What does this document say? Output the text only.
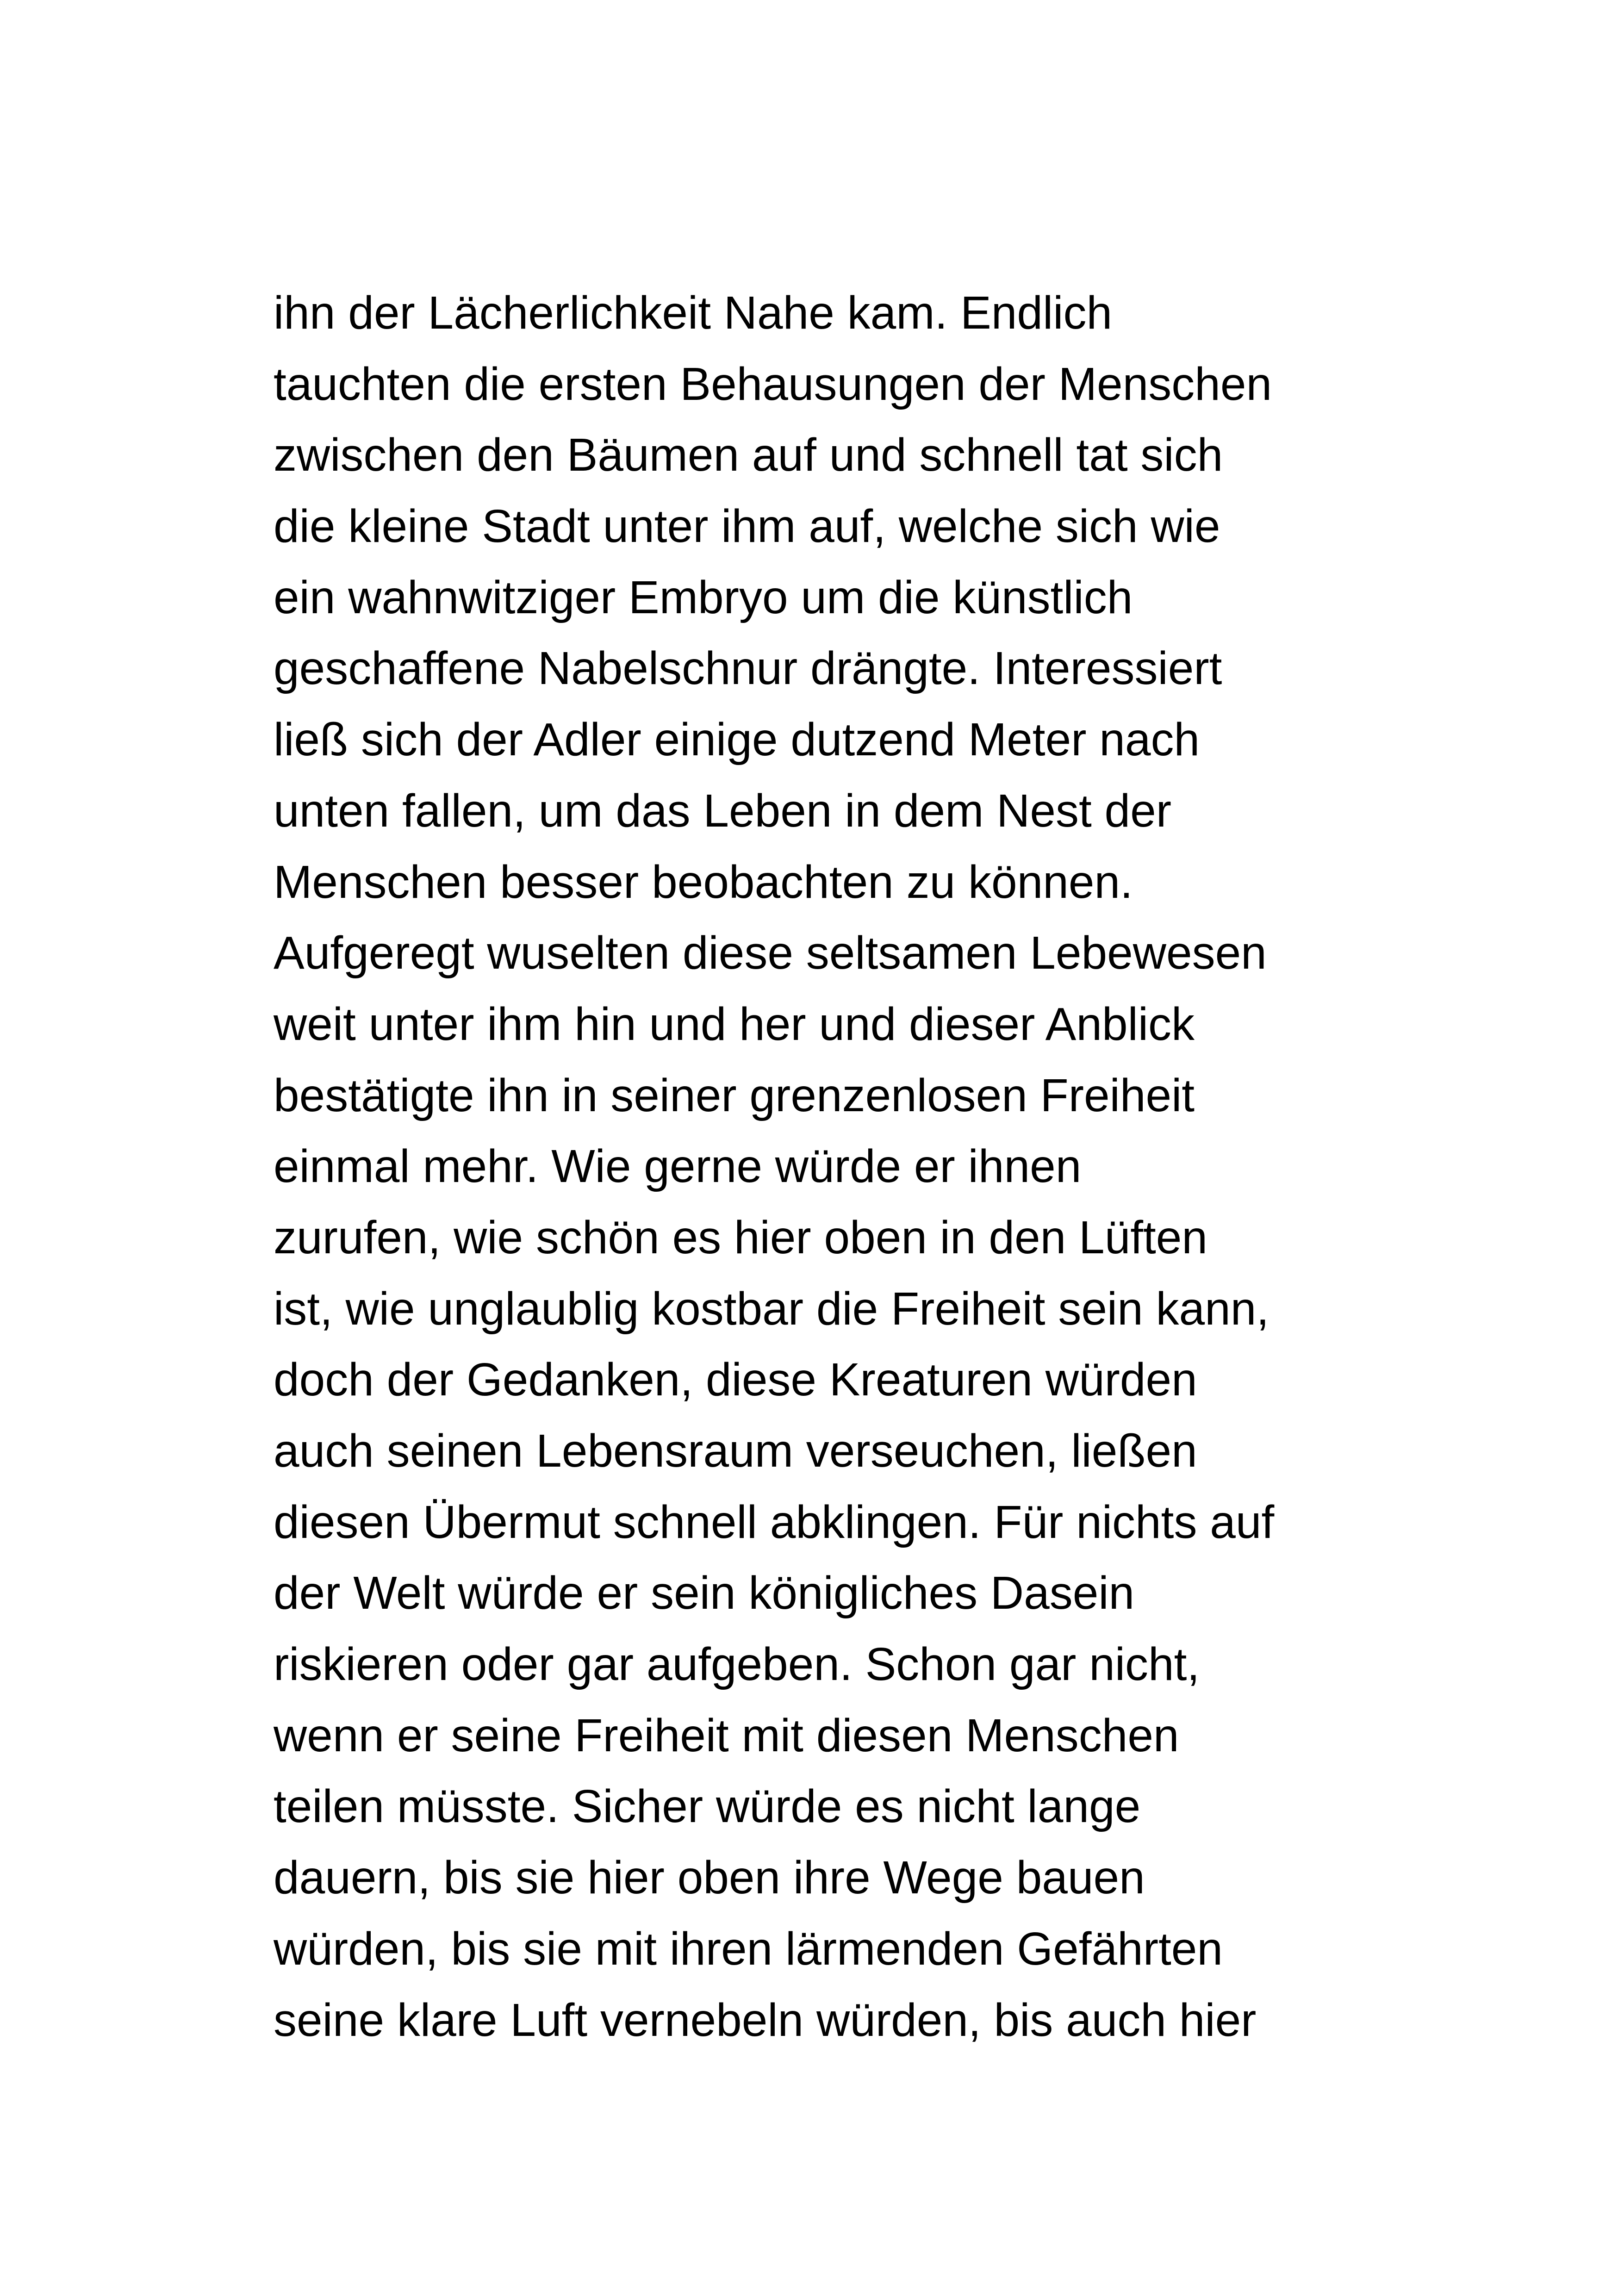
ihn der Lächerlichkeit Nahe kam. Endlich
tauchten die ersten Behausungen der Menschen
zwischen den Bäumen auf und schnell tat sich
die kleine Stadt unter ihm auf, welche sich wie
ein wahnwitziger Embryo um die künstlich
geschaffene Nabelschnur drängte. Interessiert
ließ sich der Adler einige dutzend Meter nach
unten fallen, um das Leben in dem Nest der
Menschen besser beobachten zu können.
Aufgeregt wuselten diese seltsamen Lebewesen
weit unter ihm hin und her und dieser Anblick
bestätigte ihn in seiner grenzenlosen Freiheit
einmal mehr. Wie gerne würde er ihnen
zurufen, wie schön es hier oben in den Lüften
ist, wie unglaublig kostbar die Freiheit sein kann,
doch der Gedanken, diese Kreaturen würden
auch seinen Lebensraum verseuchen, ließen
diesen Übermut schnell abklingen. Für nichts auf
der Welt würde er sein königliches Dasein
riskieren oder gar aufgeben. Schon gar nicht,
wenn er seine Freiheit mit diesen Menschen
teilen müsste. Sicher würde es nicht lange
dauern, bis sie hier oben ihre Wege bauen
würden, bis sie mit ihren lärmenden Gefährten
seine klare Luft vernebeln würden, bis auch hier
